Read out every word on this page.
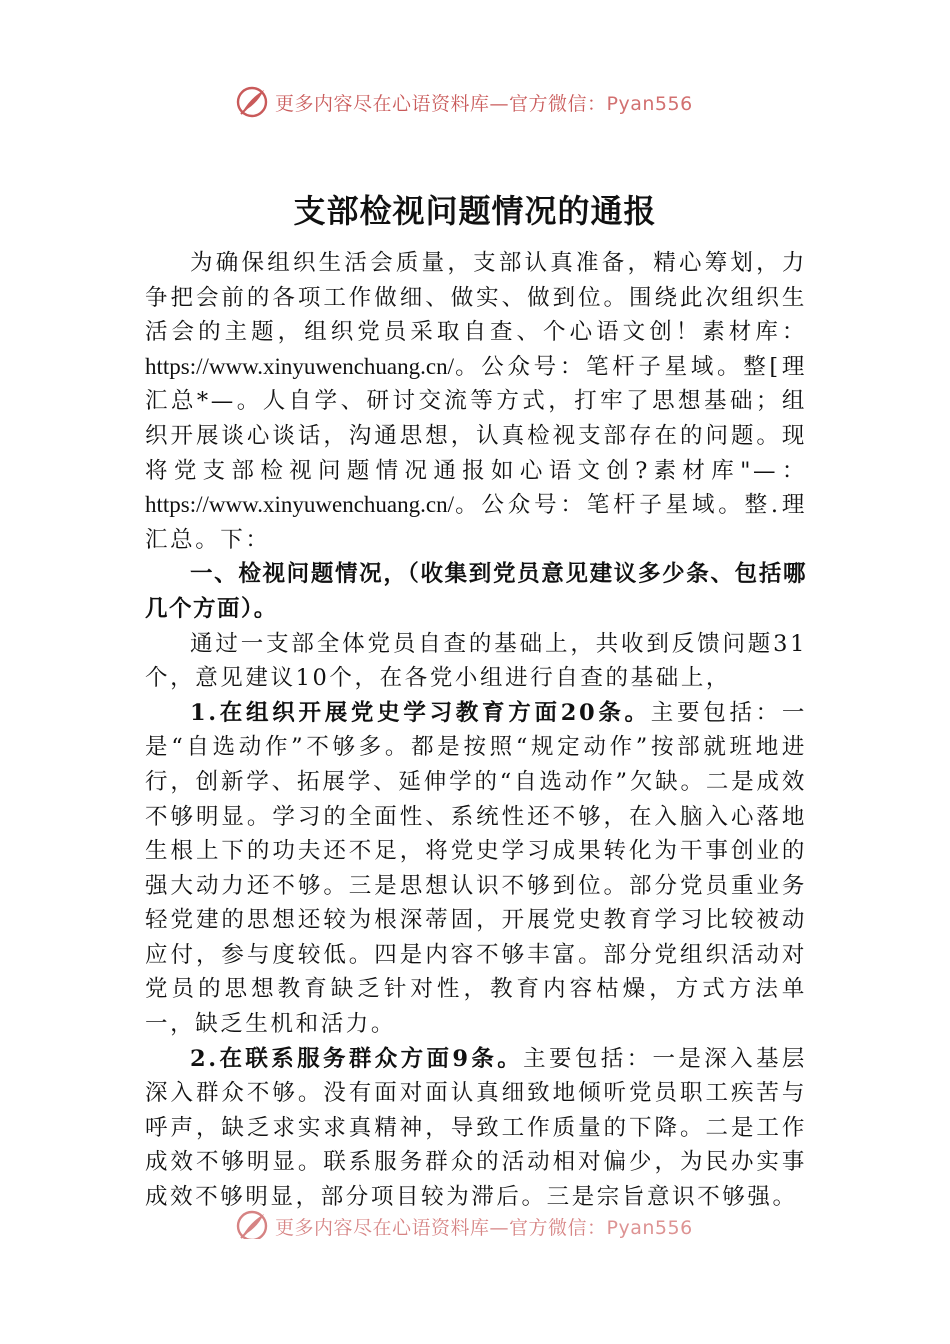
更多内容尽在心语资料库—官方微信：Pyan556
支部检视问题情况的通报

为确保组织生活会质量，支部认真准备，精心筹划，力争把会前的各项工作做细、做实、做到位。围绕此次组织生活会的主题，组织党员采取自查、个心语文创！素材库：https://www.xinyuwenchuang.cn/。公众号：笔杆子星域。整[理汇总*—。人自学、研讨交流等方式，打牢了思想基础；组织开展谈心谈话，沟通思想，认真检视支部存在的问题。现将党支部检视问题情况通报如心语文创?素材库"—：https://www.xinyuwenchuang.cn/。公众号：笔杆子星域。整.理汇总。下：

一、检视问题情况，（收集到党员意见建议多少条、包括哪几个方面）。

通过一支部全体党员自查的基础上，共收到反馈问题31个，意见建议10个，在各党小组进行自查的基础上，

1.在组织开展党史学习教育方面20条。主要包括：一是“自选动作”不够多。都是按照“规定动作”按部就班地进行，创新学、拓展学、延伸学的“自选动作”欠缺。二是成效不够明显。学习的全面性、系统性还不够，在入脑入心落地生根上下的功夫还不足，将党史学习成果转化为干事创业的强大动力还不够。三是思想认识不够到位。部分党员重业务轻党建的思想还较为根深蒂固，开展党史教育学习比较被动应付，参与度较低。四是内容不够丰富。部分党组织活动对党员的思想教育缺乏针对性，教育内容枯燥，方式方法单一，缺乏生机和活力。

2.在联系服务群众方面9条。主要包括：一是深入基层深入群众不够。没有面对面认真细致地倾听党员职工疾苦与呼声，缺乏求实求真精神，导致工作质量的下降。二是工作成效不够明显。联系服务群众的活动相对偏少，为民办实事成效不够明显，部分项目较为滞后。三是宗旨意识不够强。

更多内容尽在心语资料库—官方微信：Pyan556
